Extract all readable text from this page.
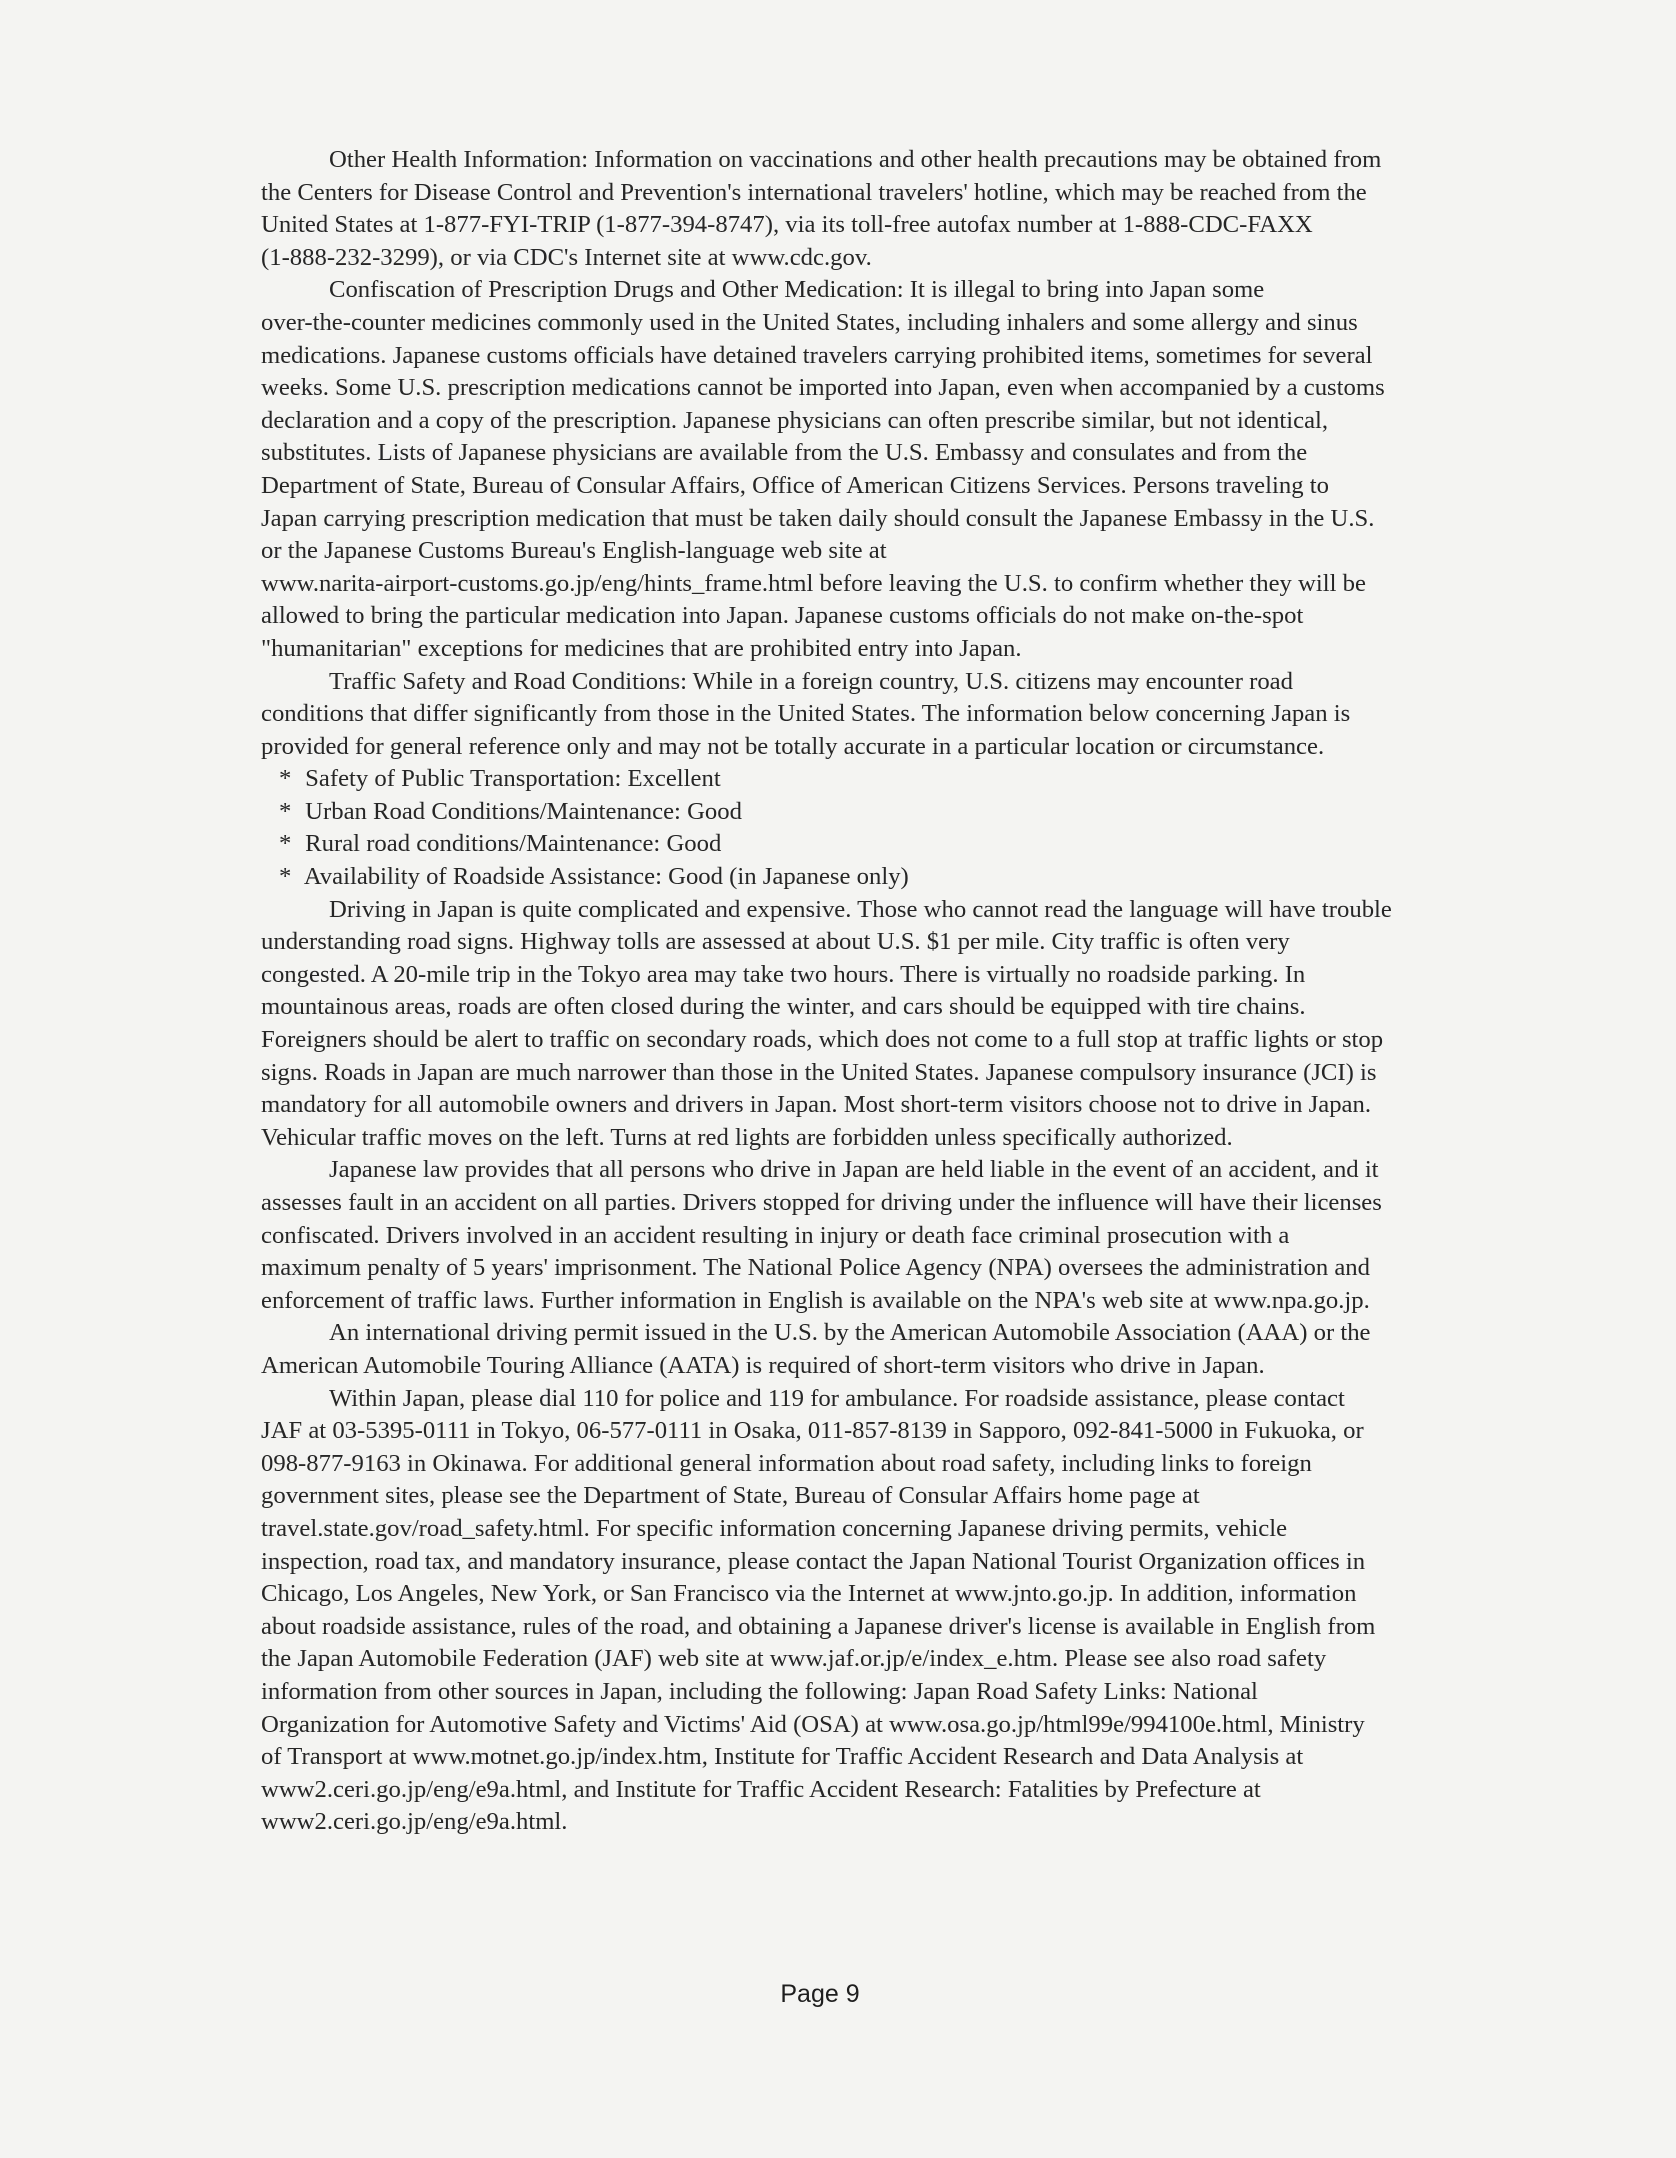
Other Health Information: Information on vaccinations and other health precautions may be obtained from
the Centers for Disease Control and Prevention's international travelers' hotline, which may be reached from the
United States at 1-877-FYI-TRIP (1-877-394-8747), via its toll-free autofax number at 1-888-CDC-FAXX
(1-888-232-3299), or via CDC's Internet site at www.cdc.gov.
Confiscation of Prescription Drugs and Other Medication: It is illegal to bring into Japan some
over-the-counter medicines commonly used in the United States, including inhalers and some allergy and sinus
medications. Japanese customs officials have detained travelers carrying prohibited items, sometimes for several
weeks. Some U.S. prescription medications cannot be imported into Japan, even when accompanied by a customs
declaration and a copy of the prescription. Japanese physicians can often prescribe similar, but not identical,
substitutes. Lists of Japanese physicians are available from the U.S. Embassy and consulates and from the
Department of State, Bureau of Consular Affairs, Office of American Citizens Services. Persons traveling to
Japan carrying prescription medication that must be taken daily should consult the Japanese Embassy in the U.S.
or the Japanese Customs Bureau's English-language web site at
www.narita-airport-customs.go.jp/eng/hints_frame.html before leaving the U.S. to confirm whether they will be
allowed to bring the particular medication into Japan. Japanese customs officials do not make on-the-spot
"humanitarian" exceptions for medicines that are prohibited entry into Japan.
Traffic Safety and Road Conditions: While in a foreign country, U.S. citizens may encounter road
conditions that differ significantly from those in the United States. The information below concerning Japan is
provided for general reference only and may not be totally accurate in a particular location or circumstance.
* Safety of Public Transportation: Excellent
* Urban Road Conditions/Maintenance: Good
* Rural road conditions/Maintenance: Good
* Availability of Roadside Assistance: Good (in Japanese only)
Driving in Japan is quite complicated and expensive. Those who cannot read the language will have trouble
understanding road signs. Highway tolls are assessed at about U.S. $1 per mile. City traffic is often very
congested. A 20-mile trip in the Tokyo area may take two hours. There is virtually no roadside parking. In
mountainous areas, roads are often closed during the winter, and cars should be equipped with tire chains.
Foreigners should be alert to traffic on secondary roads, which does not come to a full stop at traffic lights or stop
signs. Roads in Japan are much narrower than those in the United States. Japanese compulsory insurance (JCI) is
mandatory for all automobile owners and drivers in Japan. Most short-term visitors choose not to drive in Japan.
Vehicular traffic moves on the left. Turns at red lights are forbidden unless specifically authorized.
Japanese law provides that all persons who drive in Japan are held liable in the event of an accident, and it
assesses fault in an accident on all parties. Drivers stopped for driving under the influence will have their licenses
confiscated. Drivers involved in an accident resulting in injury or death face criminal prosecution with a
maximum penalty of 5 years' imprisonment. The National Police Agency (NPA) oversees the administration and
enforcement of traffic laws. Further information in English is available on the NPA's web site at www.npa.go.jp.
An international driving permit issued in the U.S. by the American Automobile Association (AAA) or the
American Automobile Touring Alliance (AATA) is required of short-term visitors who drive in Japan.
Within Japan, please dial 110 for police and 119 for ambulance. For roadside assistance, please contact
JAF at 03-5395-0111 in Tokyo, 06-577-0111 in Osaka, 011-857-8139 in Sapporo, 092-841-5000 in Fukuoka, or
098-877-9163 in Okinawa. For additional general information about road safety, including links to foreign
government sites, please see the Department of State, Bureau of Consular Affairs home page at
travel.state.gov/road_safety.html. For specific information concerning Japanese driving permits, vehicle
inspection, road tax, and mandatory insurance, please contact the Japan National Tourist Organization offices in
Chicago, Los Angeles, New York, or San Francisco via the Internet at www.jnto.go.jp. In addition, information
about roadside assistance, rules of the road, and obtaining a Japanese driver's license is available in English from
the Japan Automobile Federation (JAF) web site at www.jaf.or.jp/e/index_e.htm. Please see also road safety
information from other sources in Japan, including the following: Japan Road Safety Links: National
Organization for Automotive Safety and Victims' Aid (OSA) at www.osa.go.jp/html99e/994100e.html, Ministry
of Transport at www.motnet.go.jp/index.htm, Institute for Traffic Accident Research and Data Analysis at
www2.ceri.go.jp/eng/e9a.html, and Institute for Traffic Accident Research: Fatalities by Prefecture at
www2.ceri.go.jp/eng/e9a.html.
Page 9
